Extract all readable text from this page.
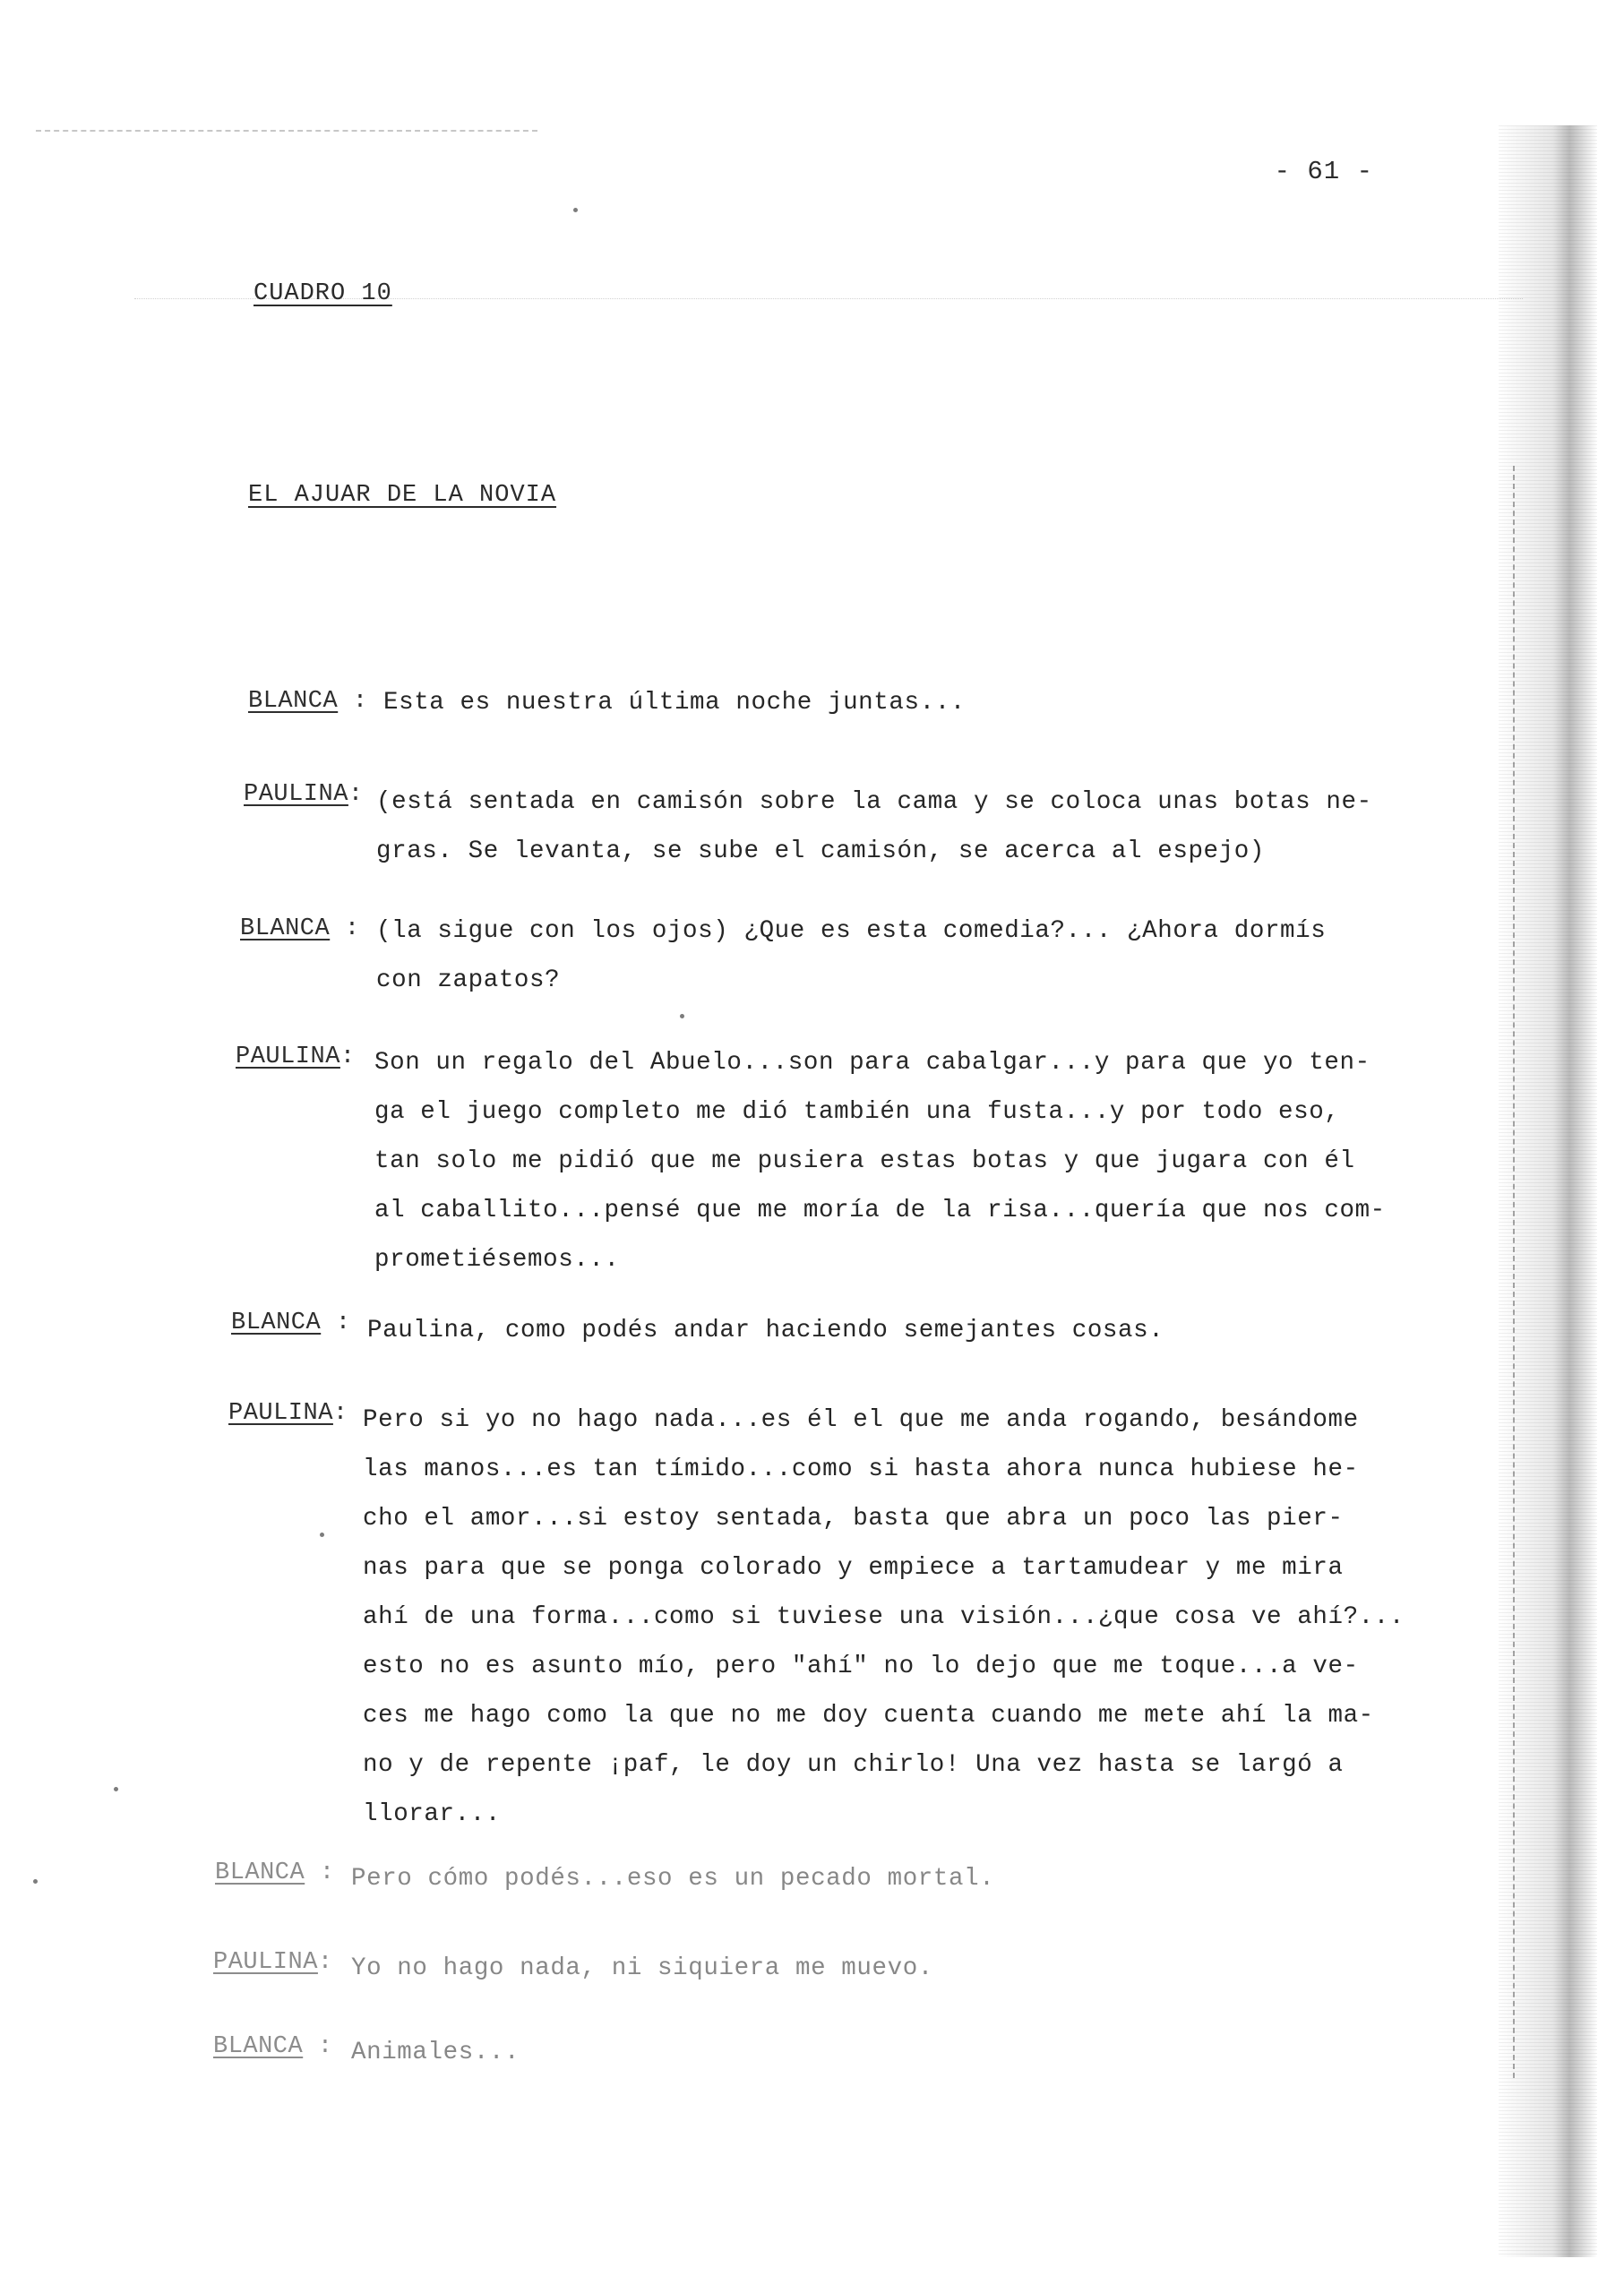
- 61 -
CUADRO 10
EL AJUAR DE LA NOVIA
BLANCA : Esta es nuestra última noche juntas...
PAULINA: (está sentada en camisón sobre la cama y se coloca unas botas ne-
gras. Se levanta, se sube el camisón, se acerca al espejo)
BLANCA : (la sigue con los ojos) ¿Que es esta comedia?... ¿Ahora dormís
con zapatos?
PAULINA: Son un regalo del Abuelo...son para cabalgar...y para que yo ten-
ga el juego completo me dió también una fusta...y por todo eso,
tan solo me pidió que me pusiera estas botas y que jugara con él
al caballito...pensé que me moría de la risa...quería que nos com-
prometiésemos...
BLANCA : Paulina, como podés andar haciendo semejantes cosas.
PAULINA: Pero si yo no hago nada...es él el que me anda rogando, besándome
las manos...es tan tímido...como si hasta ahora nunca hubiese he-
cho el amor...si estoy sentada, basta que abra un poco las pier-
nas para que se ponga colorado y empiece a tartamudear y me mira
ahí de una forma...como si tuviese una visión...¿que cosa ve ahí?...
esto no es asunto mío, pero "ahí" no lo dejo que me toque...a ve-
ces me hago como la que no me doy cuenta cuando me mete ahí la ma-
no y de repente ¡paf, le doy un chirlo! Una vez hasta se largó a
llorar...
BLANCA : Pero cómo podés...eso es un pecado mortal.
PAULINA: Yo no hago nada, ni siquiera me muevo.
BLANCA : Animales...
